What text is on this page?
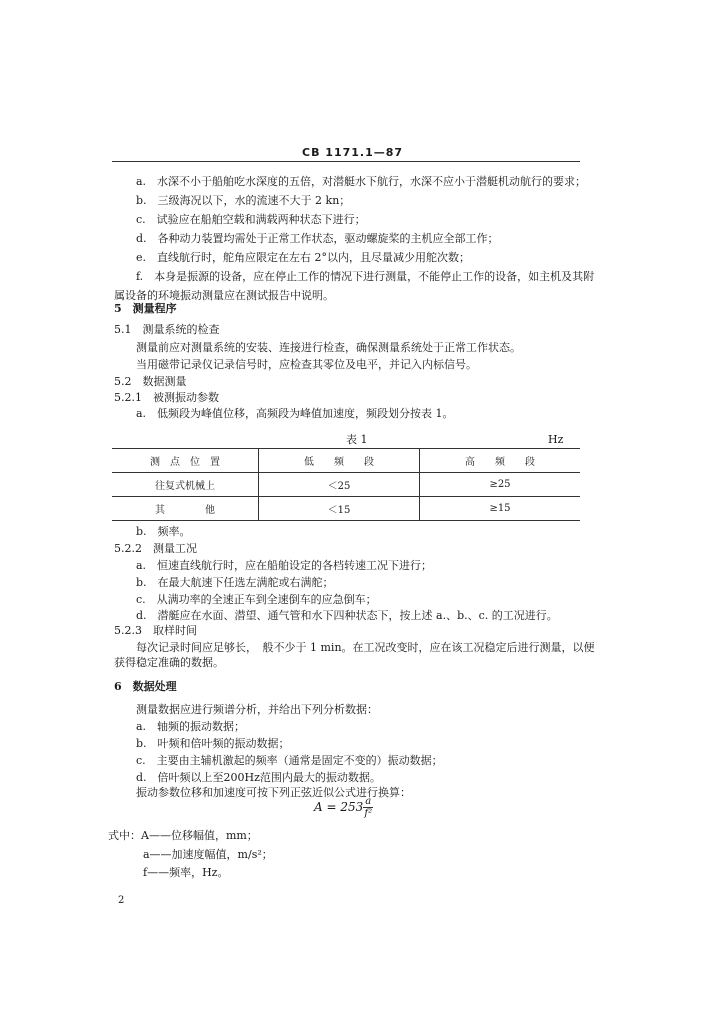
CB 1171.1—87
a.　水深不小于船舶吃水深度的五倍，对潜艇水下航行，水深不应小于潜艇机动航行的要求；
b.　三级海况以下，水的流速不大于 2 kn；
c.　试验应在船舶空载和满载两种状态下进行；
d.　各种动力装置均需处于正常工作状态，驱动螺旋桨的主机应全部工作；
e.　直线航行时，舵角应限定在左右 2°以内，且尽量减少用舵次数；
f.　本身是振源的设备，应在停止工作的情况下进行测量，不能停止工作的设备，如主机及其附
属设备的环境振动测量应在测试报告中说明。
5　测量程序
5.1　测量系统的检查
测量前应对测量系统的安装、连接进行检查，确保测量系统处于正常工作状态。
当用磁带记录仪记录信号时，应检查其零位及电平，并记入内标信号。
5.2　数据测量
5.2.1　被测振动参数
a.　低频段为峰值位移，高频段为峰值加速度，频段划分按表 1。
表 1	Hz
测　点　位　置	低　　频　　段	高　　频　　段
往复式机械上	＜25	≥25
其　　　　他	＜15	≥15
b.　频率。
5.2.2　测量工况
a.　恒速直线航行时，应在船舶设定的各档转速工况下进行；
b.　在最大航速下任选左满舵或右满舵；
c.　从满功率的全速正车到全速倒车的应急倒车；
d.　潜艇应在水面、潜望、通气管和水下四种状态下，按上述 a.、b.、c. 的工况进行。
5.2.3　取样时间
每次记录时间应足够长，　般不少于 1 min。在工况改变时，应在该工况稳定后进行测量，以便
获得稳定准确的数据。
6　数据处理
测量数据应进行频谱分析，并给出下列分析数据：
a.　轴频的振动数据；
b.　叶频和倍叶频的振动数据；
c.　主要由主辅机激起的频率（通常是固定不变的）振动数据；
d.　倍叶频以上至200Hz范围内最大的振动数据。
振动参数位移和加速度可按下列正弦近似公式进行换算：
$A = 253 \frac{a}{\text{f²}}$
式中： A——位移幅值，mm；
a——加速度幅值，m/s²；
f——频率，Hz。
2
